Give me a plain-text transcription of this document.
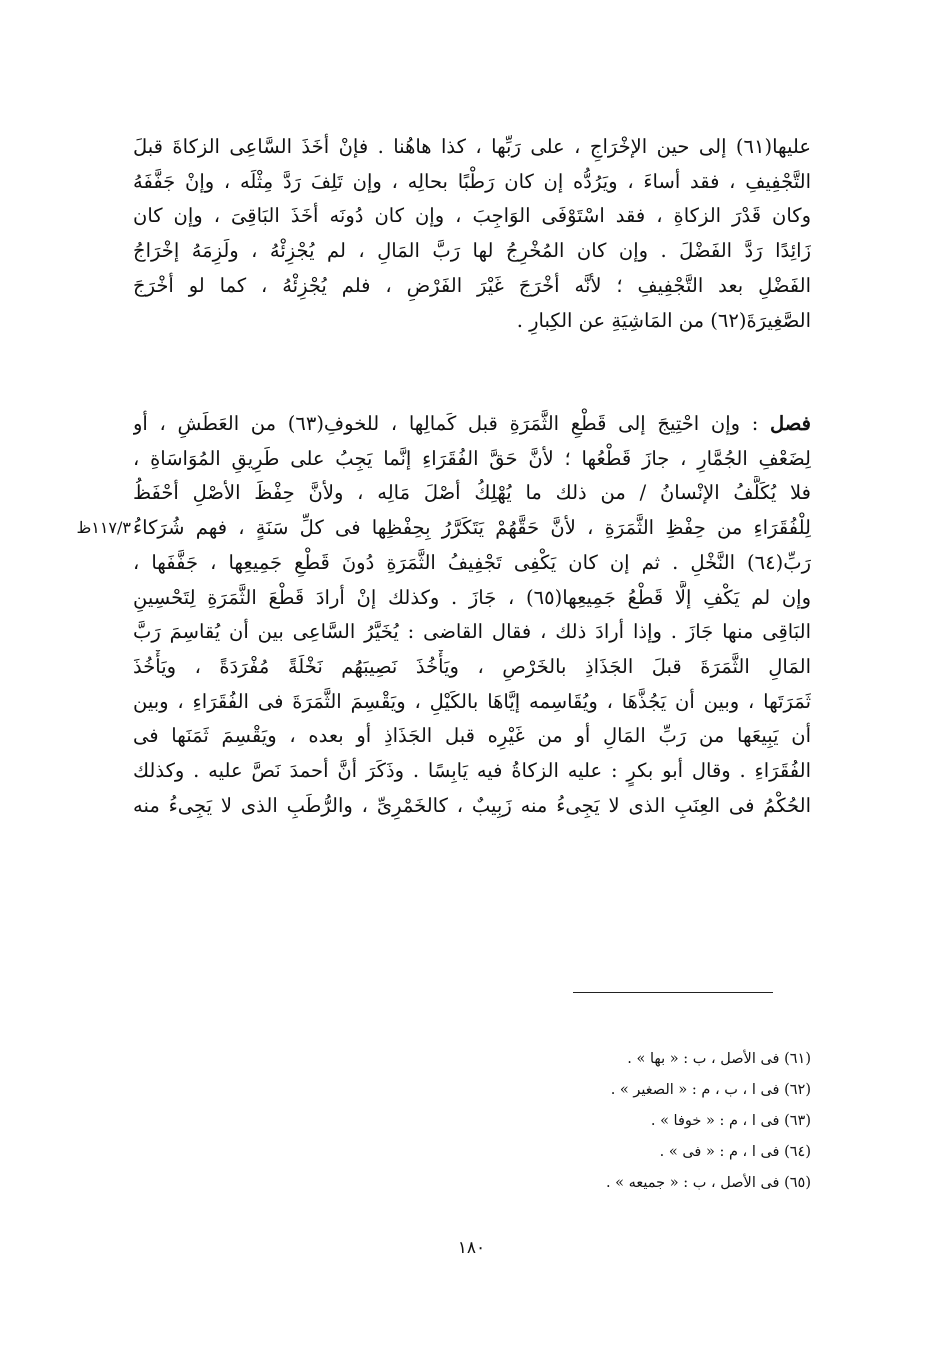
عليها(٦١) إلى حين الإخْرَاجِ ، على رَبِّها ، كذا هاهُنا . فإنْ أخَذَ السَّاعِى الزكاةَ قبلَ
التَّجْفِيفِ ، فقد أساءَ ، ويَرُدُّه إن كان رَطْبًا بحالِه ، وإن تَلِفَ رَدَّ مِثْلَه ، وإنْ جَفَّفَهُ
وكان قَدْرَ الزكاةِ ، فقد اسْتَوْفَى الوَاجِبَ ، وإن كان دُونَه أخَذَ البَاقِىَ ، وإن كان
زَائِدًا رَدَّ الفَضْلَ . وإن كان المُخْرِجُ لها رَبَّ المَالِ ، لم يُجْزِئْهُ ، ولَزِمَهُ إخْرَاجُ
الفَضْلِ بعد التَّجْفِيفِ ؛ لأنَّه أخْرَجَ غَيْرَ الفَرْضِ ، فلم يُجْزِئْهُ ، كما لو أخْرَجَ
الصَّغِيرَةَ(٦٢) من المَاشِيَةِ عن الكِبارِ .
فصل : وإن احْتِيجَ إلى قَطْعِ الثَّمَرَةِ قبل كَمالِها ، للخوفِ(٦٣) من العَطَشِ ، أو
لِضَعْفِ الجُمَّارِ ، جازَ قَطْعُها ؛ لأنَّ حَقَّ الفُقَرَاءِ إنَّما يَجِبُ على طَرِيقِ المُوَاسَاةِ ،
فلا يُكَلَّفُ الإنْسانُ / من ذلك ما يُهْلِكُ أصْلَ مَالِه ، ولأنَّ حِفْظَ الأصْلِ أحْفَظُ
لِلْفُقَرَاءِ من حِفْظِ الثَّمَرَةِ ، لأنَّ حَقَّهُمْ يَتَكَرَّرُ بِحِفْظِها فى كلِّ سَنَةٍ ، فهم شُرَكاءُ
رَبِّ(٦٤) النَّخْلِ . ثم إن كان يَكْفِى تَجْفِيفُ الثَّمَرَةِ دُونَ قَطْعِ جَمِيعِها ، جَفَّفَها ،
وإن لم يَكْفِ إلَّا قَطْعُ جَمِيعِها(٦٥) ، جَازَ . وكذلك إنْ أرادَ قَطْعَ الثَّمَرَةِ لِتَحْسِينِ
البَاقِى منها جَازَ . وإذا أرادَ ذلك ، فقال القاضى : يُخَيَّرُ السَّاعِى بين أن يُقاسِمَ رَبَّ
المَالِ الثَّمَرَةَ قبلَ الجَذَاذِ بالخَرْصِ ، ويَأْخُذَ نَصِيبَهُم نَخْلَةً مُفْرَدَةً ، ويَأْخُذَ
ثَمَرَتَها ، وبين أن يَجُذَّهَا ، ويُقَاسِمه إيَّاهَا بالكَيْلِ ، ويَقْسِمَ الثَّمَرَةَ فى الفُقَرَاءِ ، وبين
أن يَبِيعَها من رَبِّ المَالِ أو من غَيْرِه قبل الجَذَاذِ أو بعده ، ويَقْسِمَ ثَمَنَها فى
الفُقَرَاءِ . وقال أبو بكرٍ : عليه الزكاةُ فيه يَابِسًا . وذَكَرَ أنَّ أحمدَ نَصَّ عليه . وكذلك
الحُكْمُ فى العِنَبِ الذى لا يَجِىءُ منه زَبِيبٌ ، كالخَمْرِىِّ ، والرُّطَبِ الذى لا يَجِىءُ منه
١١٧/٣ظ
(٦١) فى الأصل ، ب : « بها » .
(٦٢) فى ا ، ب ، م : « الصغير » .
(٦٣) فى ا ، م : « خوفا » .
(٦٤) فى ا ، م : « فى » .
(٦٥) فى الأصل ، ب : « جميعه » .
١٨٠
